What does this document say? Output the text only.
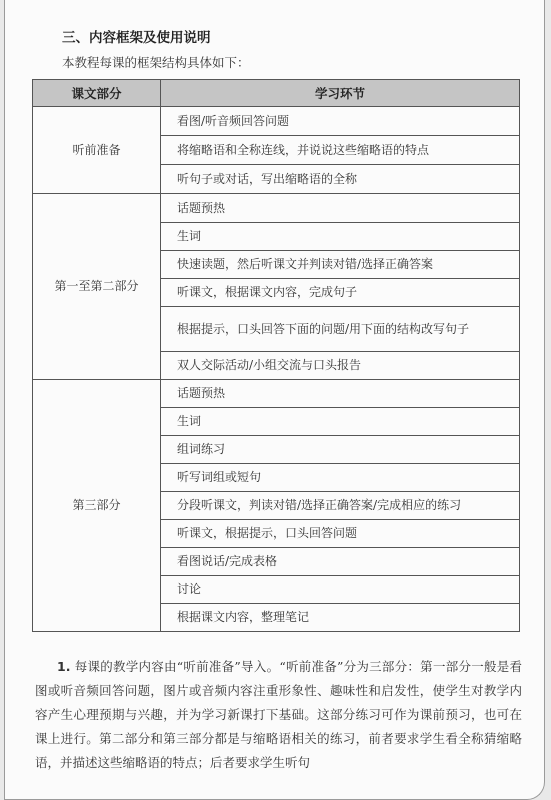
三、内容框架及使用说明
本教程每课的框架结构具体如下：
课文部分	学习环节
听前准备	看图/听音频回答问题
	将缩略语和全称连线，并说说这些缩略语的特点
	听句子或对话，写出缩略语的全称
第一至第二部分	话题预热
	生词
	快速读题，然后听课文并判读对错/选择正确答案
	听课文，根据课文内容，完成句子
	根据提示，口头回答下面的问题/用下面的结构改写句子
	双人交际活动/小组交流与口头报告
第三部分	话题预热
	生词
	组词练习
	听写词组或短句
	分段听课文，判读对错/选择正确答案/完成相应的练习
	听课文，根据提示，口头回答问题
	看图说话/完成表格
	讨论
	根据课文内容，整理笔记
1. 每课的教学内容由“听前准备”导入。“听前准备”分为三部分：第一部分一般是看图或听音频回答问题，图片或音频内容注重形象性、趣味性和启发性，使学生对教学内容产生心理预期与兴趣，并为学习新课打下基础。这部分练习可作为课前预习，也可在课上进行。第二部分和第三部分都是与缩略语相关的练习，前者要求学生看全称猜缩略语，并描述这些缩略语的特点；后者要求学生听句
